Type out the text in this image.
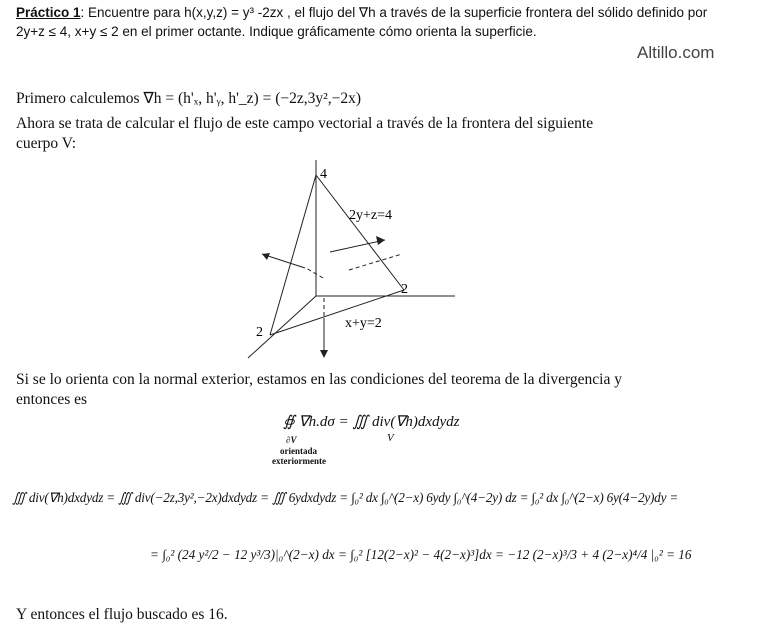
Práctico 1: Encuentre para h(x,y,z) = y³ -2zx , el flujo del ∇h a través de la superficie frontera del sólido definido por
2y+z ≤ 4, x+y ≤ 2 en el primer octante. Indique gráficamente cómo orienta la superficie.
Altillo.com
Primero calculemos ∇h = (h'ₓ, h'ᵧ, h'_z) = (−2z,3y²,−2x)
Ahora se trata de calcular el flujo de este campo vectorial a través de la frontera del siguiente
cuerpo V:
4
2y+z=4
2
2
x+y=2
Si se lo orienta con la normal exterior, estamos en las condiciones del teorema de la divergencia y
entonces es
∯ ∇h.dσ = ∭ div(∇h)dxdydz
∂V
orientada
exteriormente
V
∭ div(∇h)dxdydz = ∭ div(−2z,3y²,−2x)dxdydz = ∭ 6ydxdydz = ∫₀² dx ∫₀^(2−x) 6ydy ∫₀^(4−2y) dz = ∫₀² dx ∫₀^(2−x) 6y(4−2y)dy =
= ∫₀² (24 y²/2 − 12 y³/3)|₀^(2−x) dx = ∫₀² [12(2−x)² − 4(2−x)³]dx = −12 (2−x)³/3 + 4 (2−x)⁴/4 |₀² = 16
Y entonces el flujo buscado es 16.
